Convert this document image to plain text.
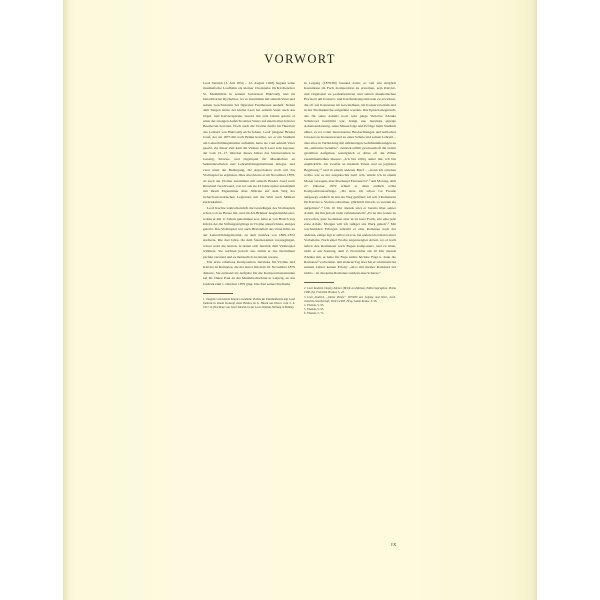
VORWORT

Leoš Janáček (3. Juli 1854 – 12. August 1928) begann seine musikalische Laufbahn als kleiner Chorknabe im Kirchenchor St. Maximilian in seinem Geburtsort Hukvaldy und im benachbarten Rychaltice, wo er zusammen mit seinem Vater und seinen Geschwistern bei figuralen Festmessen aushalf. Neben dem Singen lernte der kleine Leoš bei seinem Vater auch das Orgel- und Klavierspielen, bereits mit acht Jahren spielte er unter der strengen Aufsicht seines Vaters auf einem alten Klavier Beethoven-Sonaten. Doch auch die Violine durfte im Hausbalt des Lehrers von Hukvaldy nicht fehlen. Leoš' jüngster Bruder Josef, der sie 1875 mit nach Brünn brachte, wo er ein Studium am Lehrerbildungsinstitut aufnahm, hatte sie vom seinem Vater geerbt. Zu dieser Zeit kam die Violine auch Leoš sehr zupasse, der vom 13.–17. Oktober dieses Jahres das Staatsexamen in Gesang, Klavier- und Orgelspiel für Musiklehrer an Sekundarschulen und Lehrerbildungsinstituten ablegte, und zwar unter der Bedingung, die Approbation noch um das Violinspiel zu ergänzen. Dies absolvierte er im November 1876, ab auch die Violine zusammen mit seinem Bruder Josef nach Russland verschwand, von wo aus sie 43 Jahre später zusammen mit ihrem Eigentümer über Sibirien auf dem Weg der tschechoslowakischen Legionäre um die Welt nach Mähren zurückkehrte.

Leoš brachte wahrscheinlich die Grundlagen des Violinspiels schon von zu Hause mit, und im Alt-Brünner Augustinerkloster, wohin er mit 11 Jahren gekommen war, hatte er von Barsch von Infeld, der die Stiftungszöglinge in Violine unterrichtete, einiges gelernt. Das Violinspiel war auch Bestandteil des Unterrichts an der Lehrerbildungsinstitut, an dem Janáček von 1869–1872 studierte. Die drei Jahre, die dem Staatsexamen vorausgingen, waren wohl die letzten, in denen sich Janáček dem Violinspiel widmete. Sie reichten jedoch aus, damit er das Instrument perfekt verstand und es meisterlich zu nutzen wusste.

Die erste erhaltene Komposition Janáčeks für Violine und Klavier ist Romanze, die der Autor mit dem 16. November 1879 datierte. Sie entstand als Aufgabe für die Kompositionsstunden bei Dr. Oskar Paul an der Musikhochschule in Leipzig, an das Janáček zum 1. Oktober 1879 ging. Das Ziel seines Studiums

1 Zeugnis vom letzten Klavier erstaltene Violine im Familienbesitz legt Josef Janáček in einem Konzept eines Briefes an A. Husek aus Plerov vom 5. 6. 1917 ab (Nachlass von Josef Janáček in der Leoš-Janáček-Stiftung in Brünn).

in Leipzig (1879/80) bestand darin, so viel wie möglich Kenntnisse im Fach Komposition zu erwerben, sein Klavier- und Orgelspiel zu perfektionieren und seinen musikalischen Horizont um Konzert- und Kirchenkompositionen zu erweitern, die oft auf Konzerten im Gewandhaus, im Konservatorium und in der Thomaskirche aufgeführt wurden. Das Epistolariegebuch, das für seine damals noch sehr junge Verlobte Zdenka Schulzová bestimmt war, bringt uns Janáčeks einzige Arbeitsauslastung, seine Misserfolge und Erfolge beim Studium näher, es ist voller interessanter Beobachtungen und kritischer Glossen zu Konzerten und zu einer Schule und seinen Lehrern – dies alles in Verbindung mit inbrünstigen Gefühlsäußerungen an die „entfernte Geliebte“. Janáček erfüllt gewissenhaft die an ihn gestellten Aufgaben, wenngleich er dabei oft die Zähne zusammenbeißen musste: „Ich bin völlig außer mir, ich bin unglücklich, ich zweifle an meinem Talent und an jeglicher Begabung,“² und in einem anderen Brief – „wenn ich arbeiten wollte wie es der ausgekochte Grill will, würde ich in einem Monat versagen, aber überhaupt Fantasie ist“.³ Am Montag, dem 27. Oktober 1879 erhielt er dann endlich echte Kompositionsaufträge. „Da sitze ich schon vor Freude aufgeregt; endlich ist mir der Weg geöffnet; ich soll 3 Romanzen für Klavier u. Violine schreiben, glücklich bin ich, so werden sie aufgelöste“.⁴ Um 10 Uhr abends sitzt er bereits über seiner Arbeit, die ihn jedoch nicht zufriedenstellt: „Es ist das Ganze zu zerworfen, gute Gedanken aber in zu loser Form, wie eine jede erste Arbeit. Morgen will ich ruhiger ans Werk gehen“.⁵ Mit wechselnden Erfolgen schreibt er eine Romanze nach der anderen, einige legt er selbst ad acta, bei anderen hat man Lehrer Vorbehalte. Nach einer Woche angestrengter Arbeit, wo er noch neben den Romanzen noch Fugen komponiert, und zu üben, nicht er am Sonntag, dem 2. November am 10 Uhr abends Zdenka mit, er habe für Fuge nichts höchste Fuge u. dann die Romanze⁶ vorbereitet. Am anderen Tag aber hat er wiederum bei seinem Lehrer keinen Erfolg: „Also mit meiner Romanze bei nichts – ist das keine Romanze sondern eine Scherzo“.

2 Leoš Janáček, Dopisy Zdence (Briefe an Zdenka), Editio Supraphon, Praha 1968, Ed. František Hrabal, S. 43.

3 Leoš Janáček, „Intime Briefe“ 1879/80 aus Leipzig und Wien, Leoš-Janáček-Gesellschaft, Zürich 1985, Hrsg. Jakob Knaus, S. 96.

4 Ebenda, S. 65.

5 Ebenda, S. 65.

6 Ebenda, S. 71.

IX
